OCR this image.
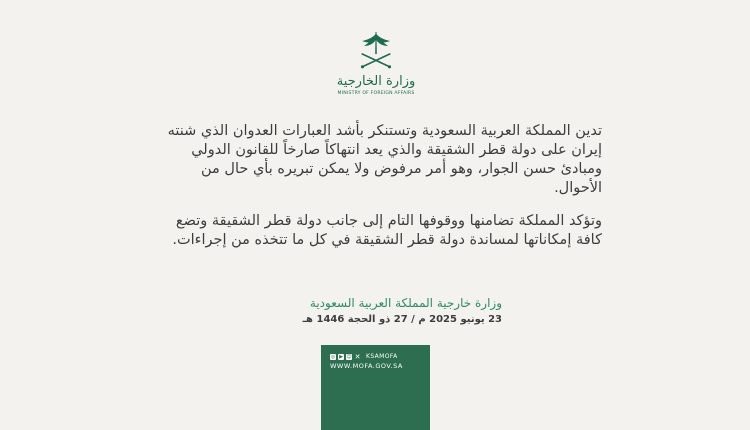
وزارة الخارجية
MINISTRY OF FOREIGN AFFAIRS

تدين المملكة العربية السعودية وتستنكر بأشد العبارات العدوان الذي شنته إيران على دولة قطر الشقيقة والذي يعد انتهاكاً صارخاً للقانون الدولي ومبادئ حسن الجوار، وهو أمر مرفوض ولا يمكن تبريره بأي حال من الأحوال.

وتؤكد المملكة تضامنها ووقوفها التام إلى جانب دولة قطر الشقيقة وتضع كافة إمكاناتها لمساندة دولة قطر الشقيقة في كل ما تتخذه من إجراءات.

وزارة خارجية المملكة العربية السعودية
23 يونيو 2025 م / 27 ذو الحجة 1446 هـ
◎ ▶ ☺ ✕ KSAMOFA
WWW.MOFA.GOV.SA
